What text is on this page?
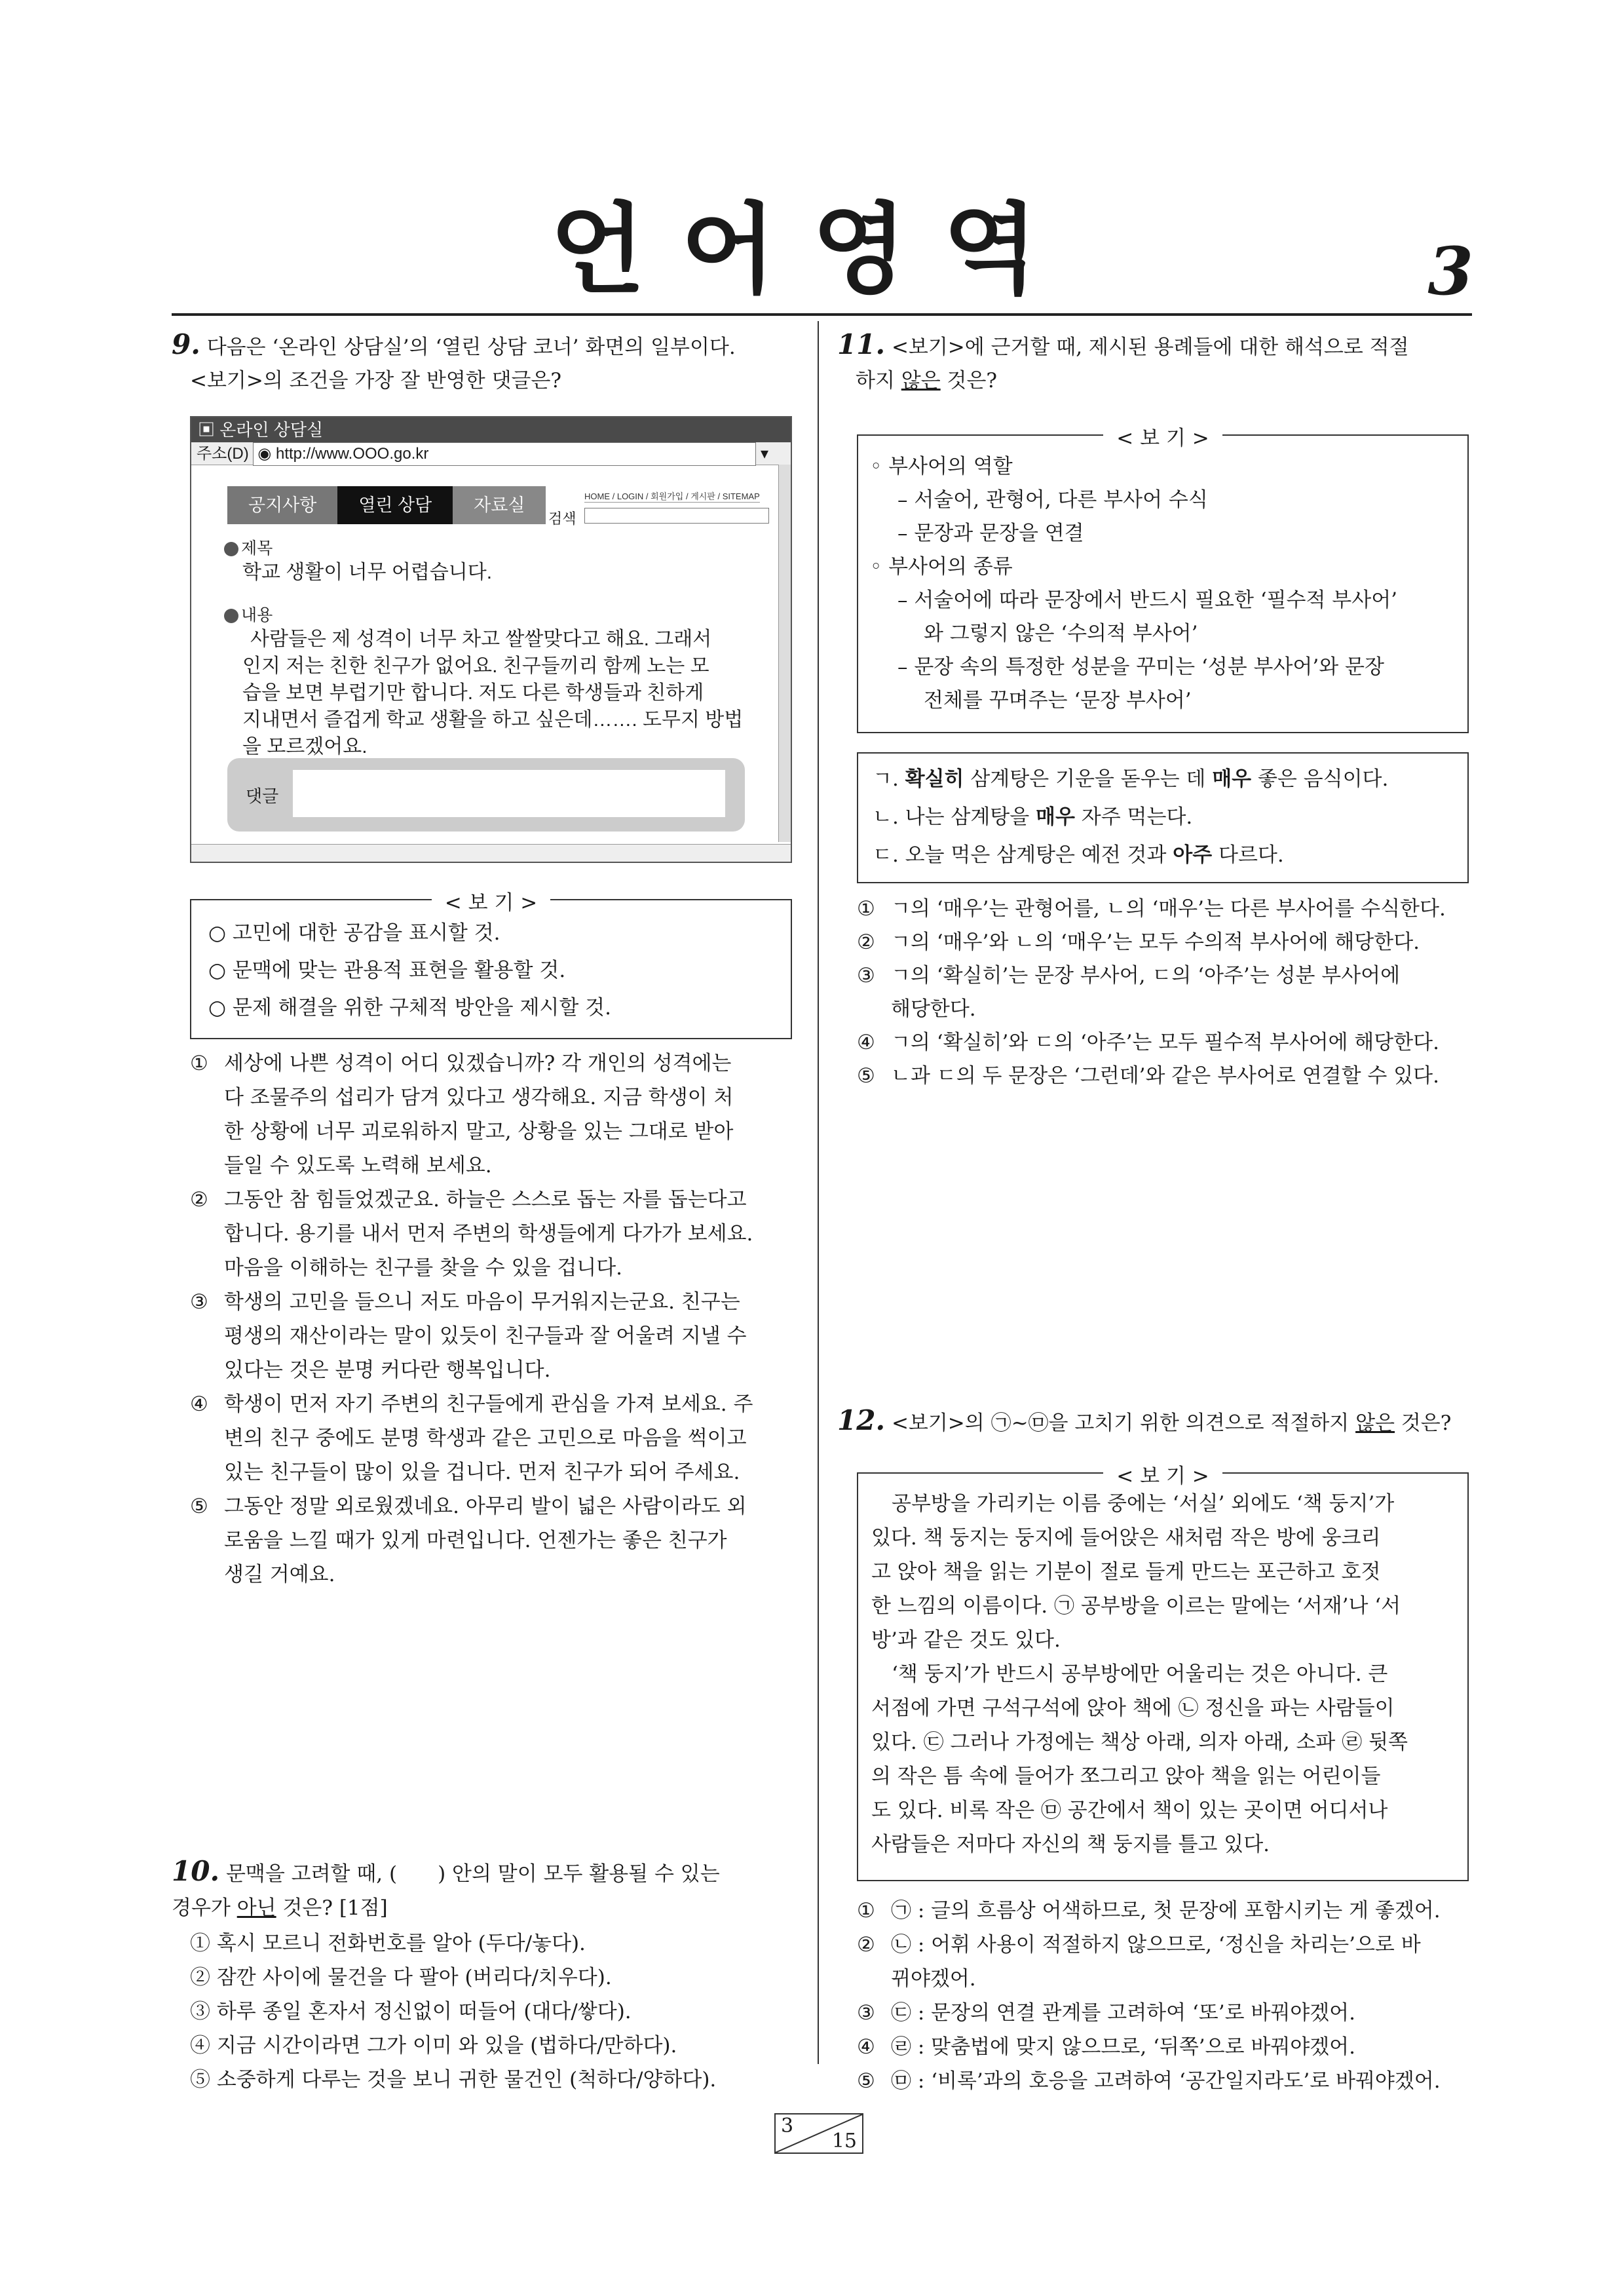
언어영역	3
9. 다음은 ‘온라인 상담실’의 ‘열린 상담 코너’ 화면의 일부이다.
<보기>의 조건을 가장 잘 반영한 댓글은?
▣ 온라인 상담실
주소(D) ◉ http://www.OOO.go.kr	▾
공지사항	열린 상담	자료실	HOME / LOGIN / 회원가입 / 게시판 / SITEMAP
검색
제목
학교 생활이 너무 어렵습니다.
내용
사람들은 제 성격이 너무 차고 쌀쌀맞다고 해요. 그래서
인지 저는 친한 친구가 없어요. 친구들끼리 함께 노는 모
습을 보면 부럽기만 합니다. 저도 다른 학생들과 친하게
지내면서 즐겁게 학교 생활을 하고 싶은데……. 도무지 방법
을 모르겠어요.
댓글
< 보 기 >
○ 고민에 대한 공감을 표시할 것.
○ 문맥에 맞는 관용적 표현을 활용할 것.
○ 문제 해결을 위한 구체적 방안을 제시할 것.
① 세상에 나쁜 성격이 어디 있겠습니까? 각 개인의 성격에는
다 조물주의 섭리가 담겨 있다고 생각해요. 지금 학생이 처
한 상황에 너무 괴로워하지 말고, 상황을 있는 그대로 받아
들일 수 있도록 노력해 보세요.
② 그동안 참 힘들었겠군요. 하늘은 스스로 돕는 자를 돕는다고
합니다. 용기를 내서 먼저 주변의 학생들에게 다가가 보세요.
마음을 이해하는 친구를 찾을 수 있을 겁니다.
③ 학생의 고민을 들으니 저도 마음이 무거워지는군요. 친구는
평생의 재산이라는 말이 있듯이 친구들과 잘 어울려 지낼 수
있다는 것은 분명 커다란 행복입니다.
④ 학생이 먼저 자기 주변의 친구들에게 관심을 가져 보세요. 주
변의 친구 중에도 분명 학생과 같은 고민으로 마음을 썩이고
있는 친구들이 많이 있을 겁니다. 먼저 친구가 되어 주세요.
⑤ 그동안 정말 외로웠겠네요. 아무리 발이 넓은 사람이라도 외
로움을 느낄 때가 있게 마련입니다. 언젠가는 좋은 친구가
생길 거예요.
10. 문맥을 고려할 때, (　　) 안의 말이 모두 활용될 수 있는
경우가 아닌 것은? [1점]
① 혹시 모르니 전화번호를 알아 (두다/놓다).
② 잠깐 사이에 물건을 다 팔아 (버리다/치우다).
③ 하루 종일 혼자서 정신없이 떠들어 (대다/쌓다).
④ 지금 시간이라면 그가 이미 와 있을 (법하다/만하다).
⑤ 소중하게 다루는 것을 보니 귀한 물건인 (척하다/양하다).
11. <보기>에 근거할 때, 제시된 용례들에 대한 해석으로 적절
하지 않은 것은?
< 보 기 >
◦ 부사어의 역할
– 서술어, 관형어, 다른 부사어 수식
– 문장과 문장을 연결
◦ 부사어의 종류
– 서술어에 따라 문장에서 반드시 필요한 ‘필수적 부사어’
와 그렇지 않은 ‘수의적 부사어’
– 문장 속의 특정한 성분을 꾸미는 ‘성분 부사어’와 문장
전체를 꾸며주는 ‘문장 부사어’
ㄱ. 확실히 삼계탕은 기운을 돋우는 데 매우 좋은 음식이다.
ㄴ. 나는 삼계탕을 매우 자주 먹는다.
ㄷ. 오늘 먹은 삼계탕은 예전 것과 아주 다르다.
① ㄱ의 ‘매우’는 관형어를, ㄴ의 ‘매우’는 다른 부사어를 수식한다.
② ㄱ의 ‘매우’와 ㄴ의 ‘매우’는 모두 수의적 부사어에 해당한다.
③ ㄱ의 ‘확실히’는 문장 부사어, ㄷ의 ‘아주’는 성분 부사어에
해당한다.
④ ㄱ의 ‘확실히’와 ㄷ의 ‘아주’는 모두 필수적 부사어에 해당한다.
⑤ ㄴ과 ㄷ의 두 문장은 ‘그런데’와 같은 부사어로 연결할 수 있다.
12. <보기>의 ㉠~㉤을 고치기 위한 의견으로 적절하지 않은 것은?
< 보 기 >
　공부방을 가리키는 이름 중에는 ‘서실’ 외에도 ‘책 둥지’가
있다. 책 둥지는 둥지에 들어앉은 새처럼 작은 방에 웅크리
고 앉아 책을 읽는 기분이 절로 들게 만드는 포근하고 호젓
한 느낌의 이름이다. ㉠ 공부방을 이르는 말에는 ‘서재’나 ‘서
방’과 같은 것도 있다.
　‘책 둥지’가 반드시 공부방에만 어울리는 것은 아니다. 큰
서점에 가면 구석구석에 앉아 책에 ㉡ 정신을 파는 사람들이
있다. ㉢ 그러나 가정에는 책상 아래, 의자 아래, 소파 ㉣ 뒷쪽
의 작은 틈 속에 들어가 쪼그리고 앉아 책을 읽는 어린이들
도 있다. 비록 작은 ㉤ 공간에서 책이 있는 곳이면 어디서나
사람들은 저마다 자신의 책 둥지를 틀고 있다.
① ㉠ : 글의 흐름상 어색하므로, 첫 문장에 포함시키는 게 좋겠어.
② ㉡ : 어휘 사용이 적절하지 않으므로, ‘정신을 차리는’으로 바
뀌야겠어.
③ ㉢ : 문장의 연결 관계를 고려하여 ‘또’로 바꿔야겠어.
④ ㉣ : 맞춤법에 맞지 않으므로, ‘뒤쪽’으로 바꿔야겠어.
⑤ ㉤ : ‘비록’과의 호응을 고려하여 ‘공간일지라도’로 바꿔야겠어.
3
15
